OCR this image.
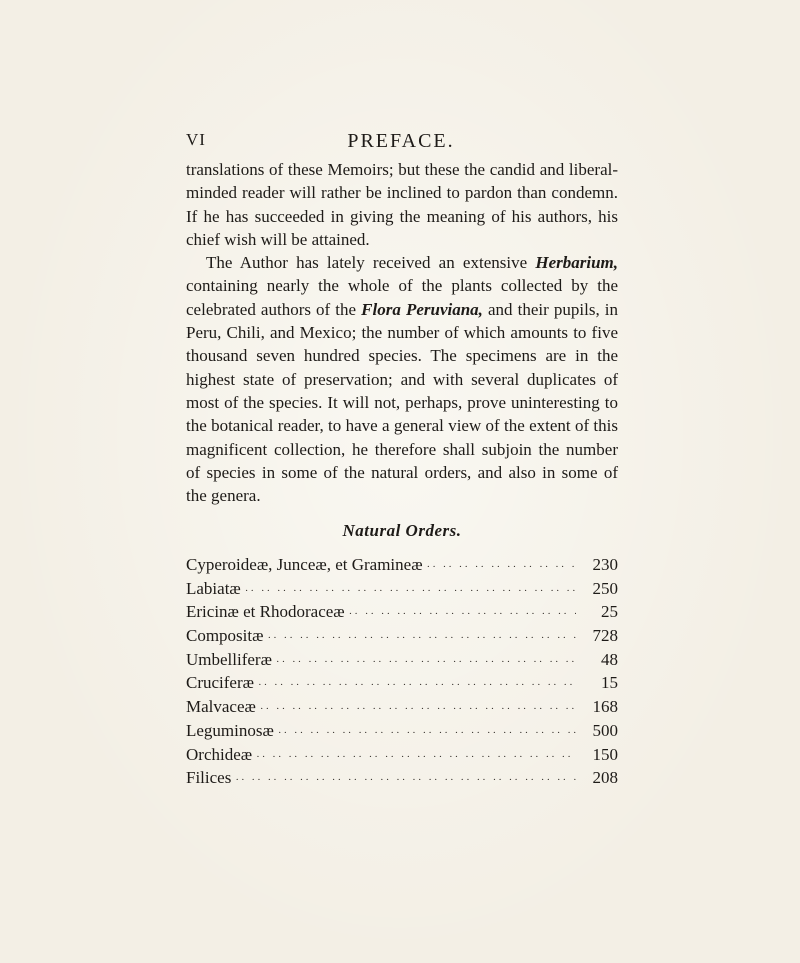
VI	PREFACE.

translations of these Memoirs; but these the candid and liberal-minded reader will rather be inclined to pardon than condemn. If he has succeeded in giving the meaning of his authors, his chief wish will be attained.

The Author has lately received an extensive Herbarium, containing nearly the whole of the plants collected by the celebrated authors of the Flora Peruviana, and their pupils, in Peru, Chili, and Mexico; the number of which amounts to five thousand seven hundred species. The specimens are in the highest state of preservation; and with several duplicates of most of the species. It will not, perhaps, prove uninteresting to the botanical reader, to have a general view of the extent of this magnificent collection, he therefore shall subjoin the number of species in some of the natural orders, and also in some of the genera.

Natural Orders.
Cyperoideæ, Junceæ, et Gramineæ ·· ··	230
Labiatæ ·· ··	250
Ericinæ et Rhodoraceæ ·· ··	25
Compositæ ·· ··	728
Umbelliferæ ·· ··	48
Cruciferæ ·· ··	15
Malvaceæ ·· ··	168
Leguminosæ ·· ··	500
Orchideæ ·· ··	150
Filices ·· ··	208
